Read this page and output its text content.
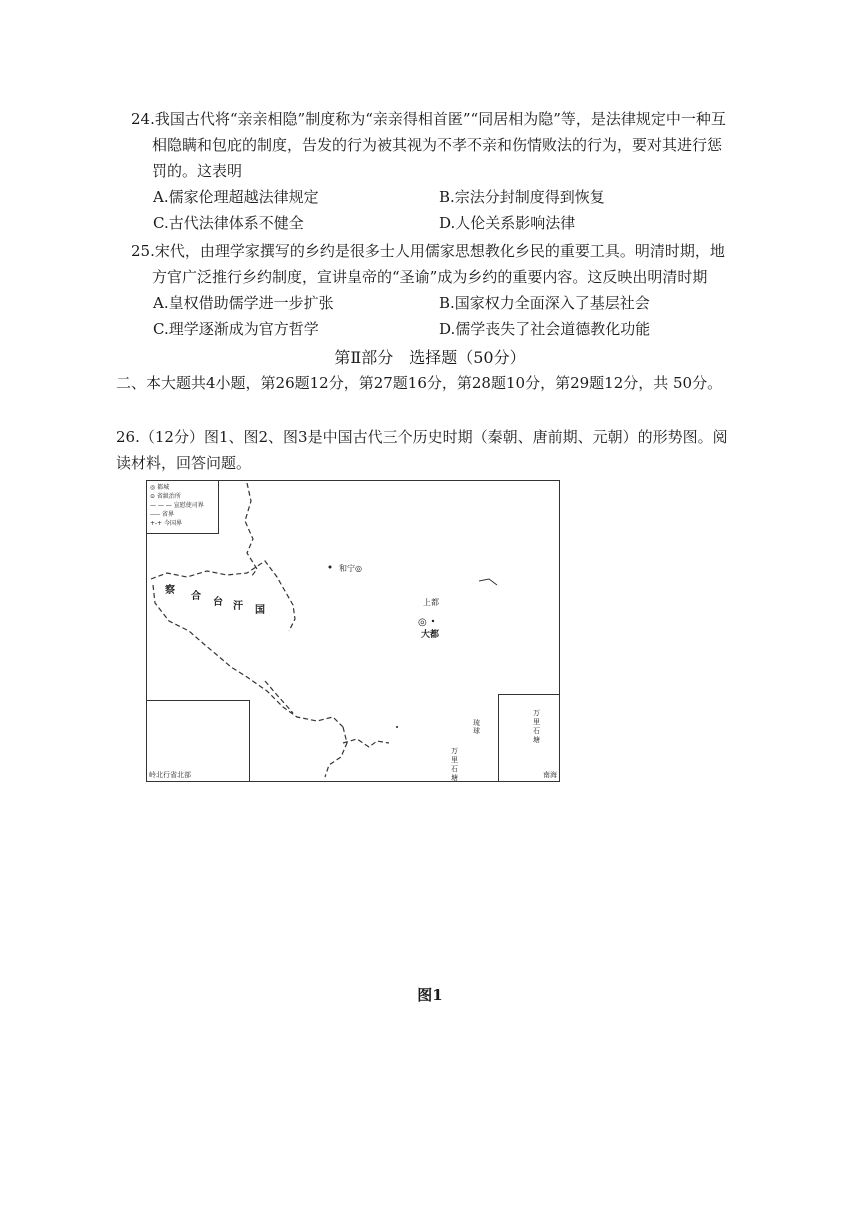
24.我国古代将“亲亲相隐”制度称为“亲亲得相首匿”“同居相为隐”等，是法律规定中一种互相隐瞒和包庇的制度，告发的行为被其视为不孝不亲和伤情败法的行为，要对其进行惩罚的。这表明
A.儒家伦理超越法律规定	B.宗法分封制度得到恢复
C.古代法律体系不健全	D.人伦关系影响法律
25.宋代，由理学家撰写的乡约是很多士人用儒家思想教化乡民的重要工具。明清时期，地方官广泛推行乡约制度，宣讲皇帝的“圣谕”成为乡约的重要内容。这反映出明清时期
A.皇权借助儒学进一步扩张	B.国家权力全面深入了基层社会
C.理学逐渐成为官方哲学	D.儒学丧失了社会道德教化功能
第Ⅱ部分　选择题（50分）
二、本大题共4小题，第26题12分，第27题16分，第28题10分，第29题12分，共 50分。
26.（12分）图1、图2、图3是中国古代三个历史时期（秦朝、唐前期、元朝）的形势图。阅读材料，回答问题。
◎ 都城
⊙ 省級治所
— — — 宣慰使司界
----- 省界
+-+ 今国界
察
合
台 汗 国
和宁◎
上都
◎
大都
琉球
万里石塘
岭北行省北部
万里石塘
南海
图1
